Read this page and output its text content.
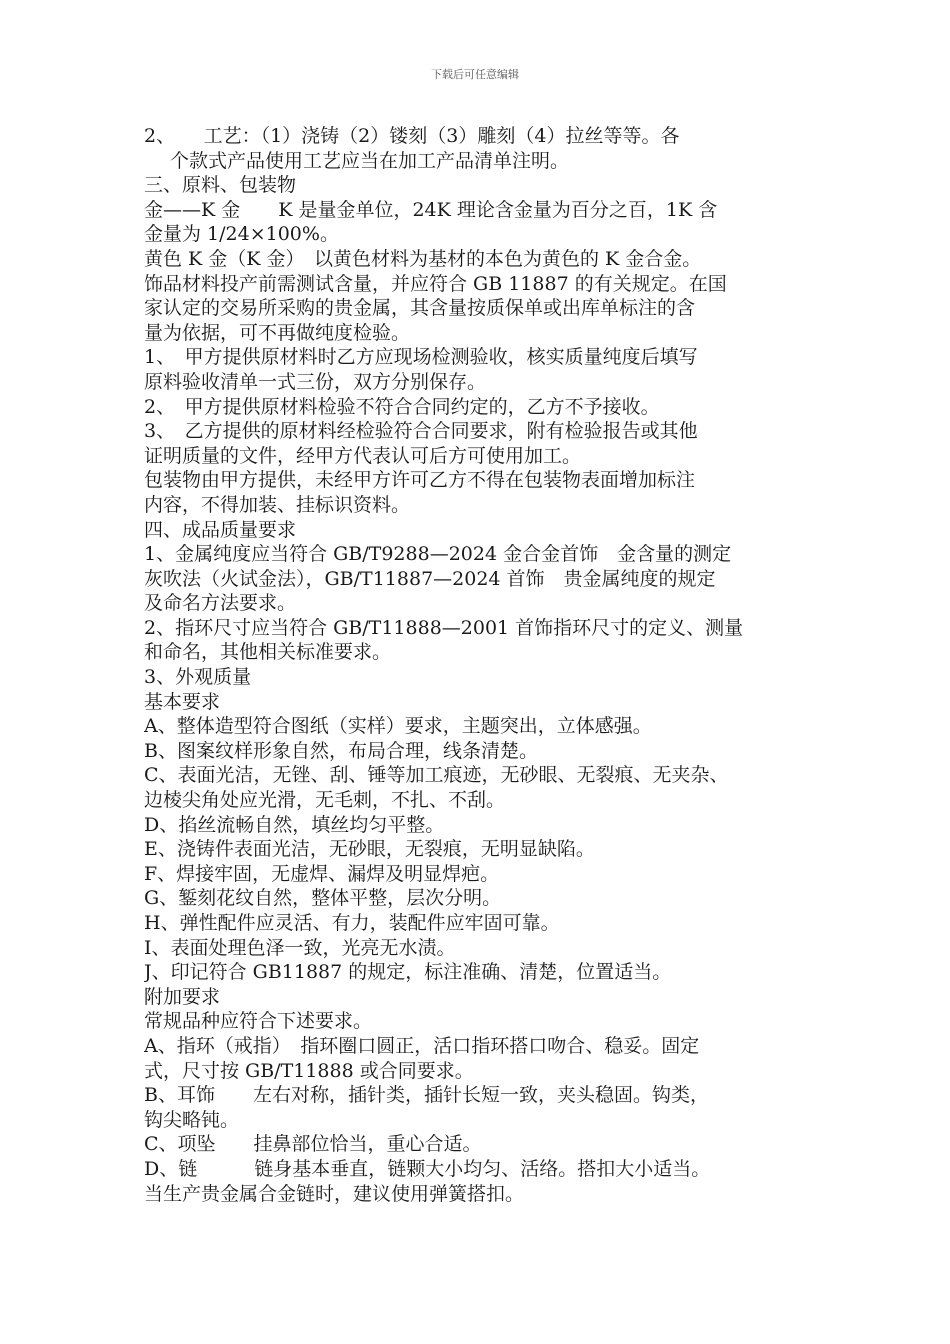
下载后可任意编辑
2、　　工艺：（1）浇铸（2）镂刻（3）雕刻（4）拉丝等等。各
个款式产品使用工艺应当在加工产品清单注明。
三、原料、包装物
金——K 金　　K 是量金单位，24K 理论含金量为百分之百，1K 含
金量为 1/24×100%。
黄色 K 金（K 金）　以黄色材料为基材的本色为黄色的 K 金合金。
饰品材料投产前需测试含量，并应符合 GB 11887 的有关规定。在国
家认定的交易所采购的贵金属，其含量按质保单或出库单标注的含
量为依据，可不再做纯度检验。
1、　甲方提供原材料时乙方应现场检测验收，核实质量纯度后填写
原料验收清单一式三份，双方分别保存。
2、　甲方提供原材料检验不符合合同约定的，乙方不予接收。
3、　乙方提供的原材料经检验符合合同要求，附有检验报告或其他
证明质量的文件，经甲方代表认可后方可使用加工。
包装物由甲方提供，未经甲方许可乙方不得在包装物表面增加标注
内容，不得加装、挂标识资料。
四、成品质量要求
1、金属纯度应当符合 GB/T9288—2024 金合金首饰　金含量的测定
灰吹法（火试金法），GB/T11887—2024 首饰　贵金属纯度的规定
及命名方法要求。
2、指环尺寸应当符合 GB/T11888—2001 首饰指环尺寸的定义、测量
和命名，其他相关标准要求。
3、外观质量
基本要求
A、整体造型符合图纸（实样）要求，主题突出，立体感强。
B、图案纹样形象自然，布局合理，线条清楚。
C、表面光洁，无锉、刮、锤等加工痕迹，无砂眼、无裂痕、无夹杂、
边棱尖角处应光滑，无毛刺，不扎、不刮。
D、掐丝流畅自然，填丝均匀平整。
E、浇铸件表面光洁，无砂眼，无裂痕，无明显缺陷。
F、焊接牢固，无虚焊、漏焊及明显焊疤。
G、錾刻花纹自然，整体平整，层次分明。
H、弹性配件应灵活、有力，装配件应牢固可靠。
I、表面处理色泽一致，光亮无水渍。
J、印记符合 GB11887 的规定，标注准确、清楚，位置适当。
附加要求
常规品种应符合下述要求。
A、指环（戒指）　指环圈口圆正，活口指环搭口吻合、稳妥。固定
式，尺寸按 GB/T11888 或合同要求。
B、耳饰　　左右对称，插针类，插针长短一致，夹头稳固。钩类，
钩尖略钝。
C、项坠　　挂鼻部位恰当，重心合适。
D、链　　　链身基本垂直，链颗大小均匀、活络。搭扣大小适当。
当生产贵金属合金链时，建议使用弹簧搭扣。
